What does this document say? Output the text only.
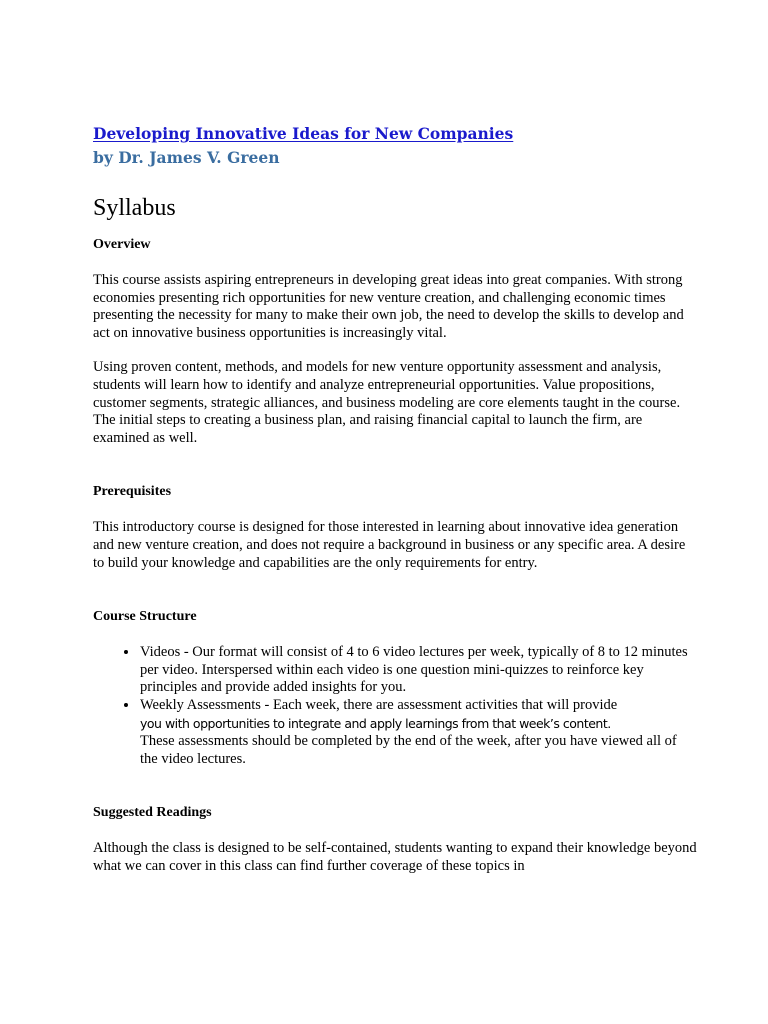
Developing Innovative Ideas for New Companies
by Dr. James V. Green
Syllabus
Overview

This course assists aspiring entrepreneurs in developing great ideas into great companies. With strong economies presenting rich opportunities for new venture creation, and challenging economic times presenting the necessity for many to make their own job, the need to develop the skills to develop and act on innovative business opportunities is increasingly vital.

Using proven content, methods, and models for new venture opportunity assessment and analysis, students will learn how to identify and analyze entrepreneurial opportunities. Value propositions, customer segments, strategic alliances, and business modeling are core elements taught in the course. The initial steps to creating a business plan, and raising financial capital to launch the firm, are examined as well.

Prerequisites

This introductory course is designed for those interested in learning about innovative idea generation and new venture creation, and does not require a background in business or any specific area. A desire to build your knowledge and capabilities are the only requirements for entry.

Course Structure
• Videos - Our format will consist of 4 to 6 video lectures per week, typically of 8 to 12 minutes per video. Interspersed within each video is one question mini-quizzes to reinforce key principles and provide added insights for you.
• Weekly Assessments - Each week, there are assessment activities that will provide
you with opportunities to integrate and apply learnings from that week’s content.
These assessments should be completed by the end of the week, after you have viewed all of the video lectures.
Suggested Readings

Although the class is designed to be self-contained, students wanting to expand their knowledge beyond what we can cover in this class can find further coverage of these topics in
